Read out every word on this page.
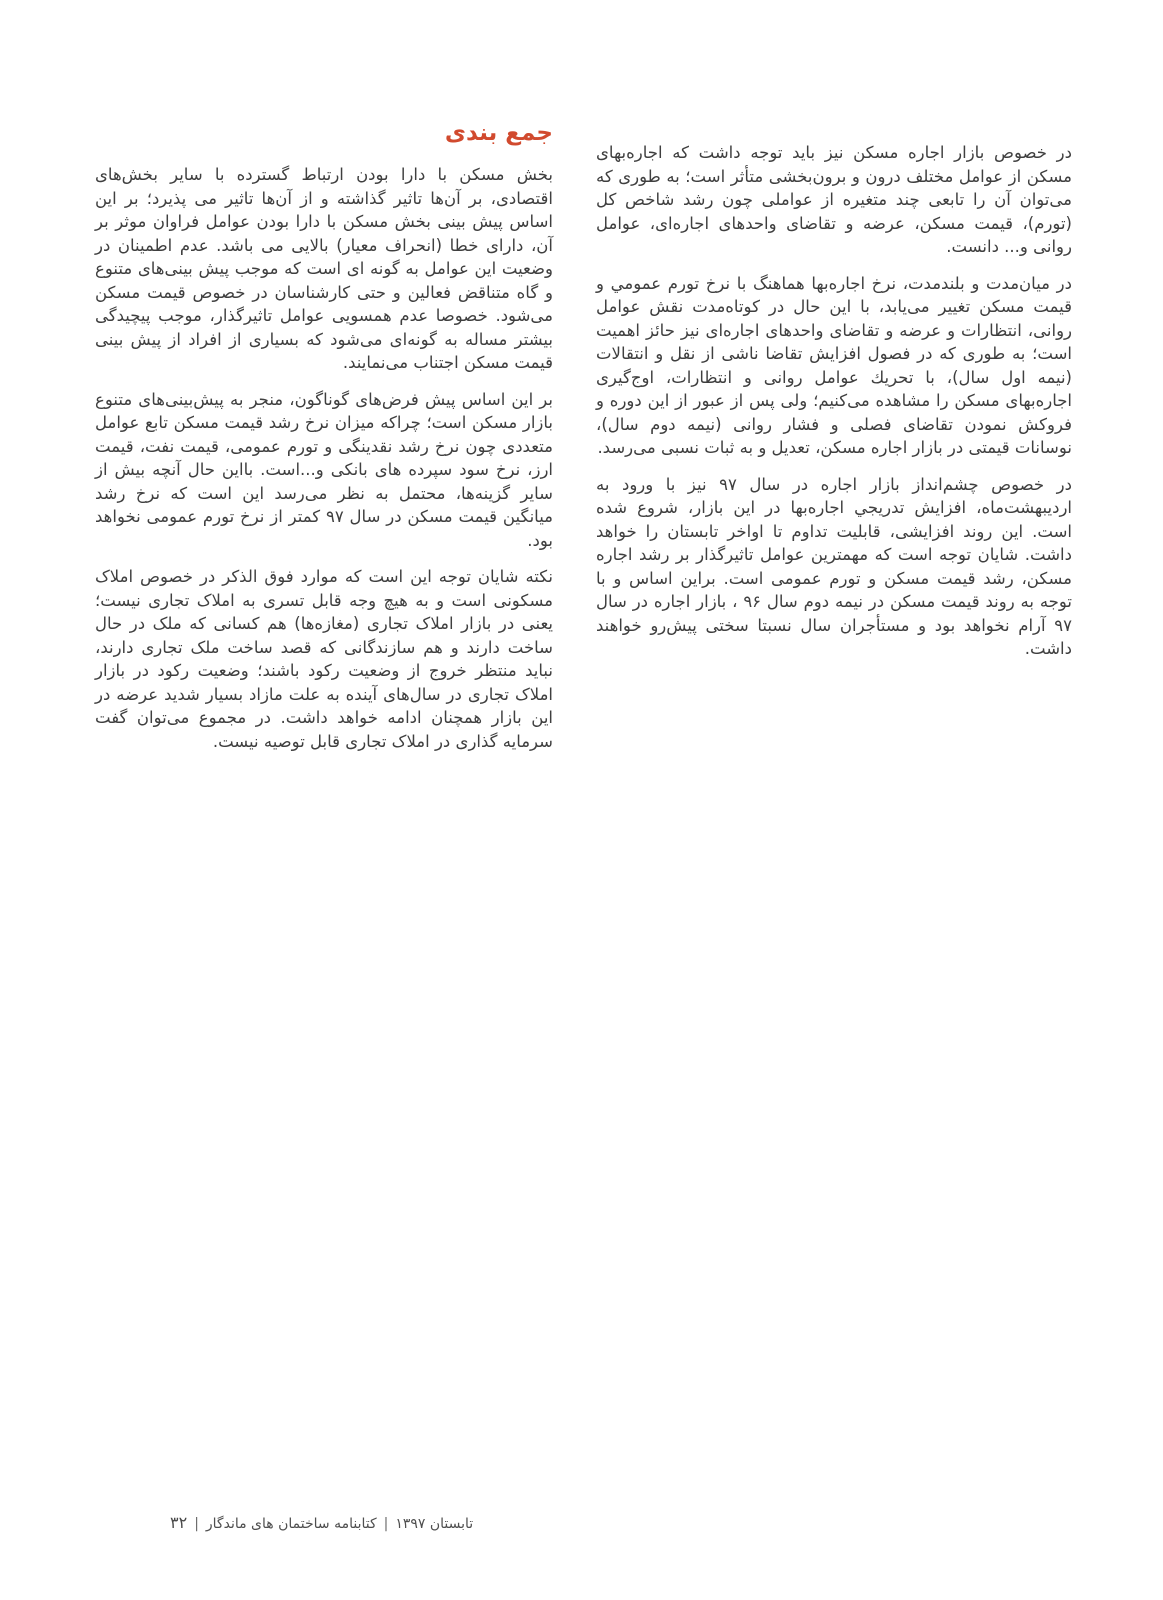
در خصوص بازار اجاره مسکن نیز باید توجه داشت که اجاره‌بهای مسکن از عوامل مختلف درون و برون‌بخشی متأثر است؛ به طوری که می‌توان آن را تابعی چند متغیره از عواملی چون رشد شاخص کل (تورم)، قیمت مسکن، عرضه و تقاضای واحدهای اجاره‌ای، عوامل روانی و... دانست.

در میان‌مدت و بلندمدت، نرخ اجاره‌بها هماهنگ با نرخ تورم عمومي و قیمت مسکن تغییر می‌یابد، با این حال در کوتاه‌مدت نقش عوامل روانی، انتظارات و عرضه و تقاضای واحدهای اجاره‌ای نیز حائز اهمیت است؛ به طوری که در فصول افزایش تقاضا ناشی از نقل و انتقالات (نیمه اول سال)، با تحریك عوامل روانی و انتظارات، اوج‌گیری اجاره‌بهای مسکن را مشاهده می‌کنیم؛ ولی پس از عبور از این دوره و فروکش نمودن تقاضای فصلی و فشار روانی (نیمه دوم سال)، نوسانات قیمتی در بازار اجاره مسکن، تعدیل و به ثبات نسبی می‌رسد.

در خصوص چشم‌انداز بازار اجاره در سال ۹۷ نیز با ورود به اردیبهشت‌ماه، افزایش تدریجي اجاره‌بها در این بازار، شروع شده است. این روند افزایشی، قابلیت تداوم تا اواخر تابستان را خواهد داشت. شایان توجه است که مهمترین عوامل تاثیرگذار بر رشد اجاره مسکن، رشد قیمت مسکن و تورم عمومی است. براین اساس و با توجه به روند قیمت مسکن در نیمه دوم سال ۹۶ ، بازار اجاره در سال ۹۷ آرام نخواهد بود و مستأجران سال نسبتا سختی پیش‌رو خواهند داشت.

جمع بندی

بخش مسکن با دارا بودن ارتباط گسترده با سایر بخش‌های اقتصادی، بر آن‌ها تاثیر گذاشته و از آن‌ها تاثیر می پذیرد؛ بر این اساس پیش بینی بخش مسکن با دارا بودن عوامل فراوان موثر بر آن، دارای خطا (انحراف معیار) بالایی می باشد. عدم اطمینان در وضعیت این عوامل به گونه ای است که موجب پیش بینی‌های متنوع و گاه متناقض فعالین و حتی کارشناسان در خصوص قیمت مسکن می‌شود. خصوصا عدم همسویی عوامل تاثیرگذار، موجب پیچیدگی بیشتر مساله به گونه‌ای می‌شود که بسیاری از افراد از پیش بینی قیمت مسکن اجتناب می‌نمایند.

بر این اساس پیش فرض‌های گوناگون، منجر به پیش‌بینی‌های متنوع بازار مسکن است؛ چراکه میزان نرخ رشد قیمت مسکن تابع عوامل متعددی چون نرخ رشد نقدینگی و تورم عمومی، قیمت نفت، قیمت ارز، نرخ سود سپرده های بانکی و...است. بااین حال آنچه بیش از سایر گزینه‌ها، محتمل به نظر می‌رسد این است که نرخ رشد میانگین قیمت مسکن در سال ۹۷ کمتر از نرخ تورم عمومی نخواهد بود.

نکته شایان توجه این است که موارد فوق الذکر در خصوص املاک مسکونی است و به هیچ وجه قابل تسری به املاک تجاری نیست؛ یعنی در بازار املاک تجاری (مغازه‌ها) هم کسانی که ملک در حال ساخت دارند و هم سازندگانی که قصد ساخت ملک تجاری دارند، نباید منتظر خروج از وضعیت رکود باشند؛ وضعیت رکود در بازار املاک تجاری در سال‌های آینده به علت مازاد بسیار شدید عرضه در این بازار همچنان ادامه خواهد داشت. در مجموع می‌توان گفت سرمایه گذاری در املاک تجاری قابل توصیه نیست.

تابستان ۱۳۹۷|کتابنامه ساختمان های ماندگار|۳۲
